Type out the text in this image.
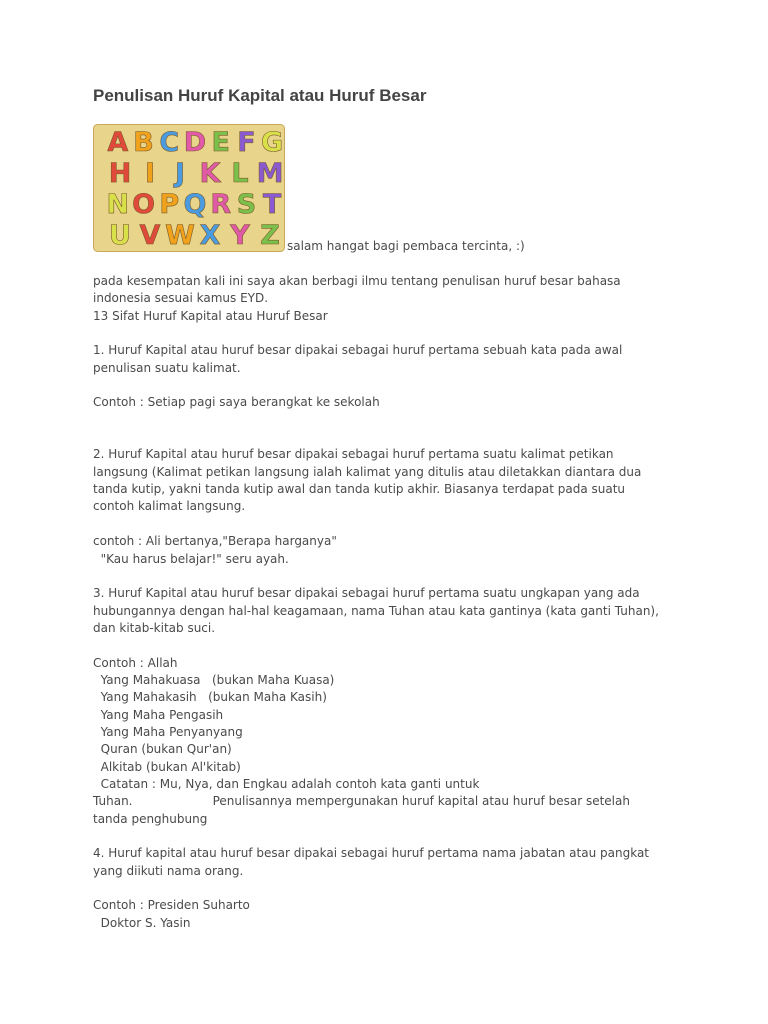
Penulisan Huruf Kapital atau Huruf Besar
A B C D E F G
H I J K L M
N O P Q R S T
U V W X Y Z salam hangat bagi pembaca tercinta, :)
pada kesempatan kali ini saya akan berbagi ilmu tentang penulisan huruf besar bahasa
indonesia sesuai kamus EYD.
13 Sifat Huruf Kapital atau Huruf Besar
1. Huruf Kapital atau huruf besar dipakai sebagai huruf pertama sebuah kata pada awal
penulisan suatu kalimat.
Contoh : Setiap pagi saya berangkat ke sekolah
2. Huruf Kapital atau huruf besar dipakai sebagai huruf pertama suatu kalimat petikan
langsung (Kalimat petikan langsung ialah kalimat yang ditulis atau diletakkan diantara dua
tanda kutip, yakni tanda kutip awal dan tanda kutip akhir. Biasanya terdapat pada suatu
contoh kalimat langsung.
contoh : Ali bertanya,"Berapa harganya"
"Kau harus belajar!" seru ayah.
3. Huruf Kapital atau huruf besar dipakai sebagai huruf pertama suatu ungkapan yang ada
hubungannya dengan hal-hal keagamaan, nama Tuhan atau kata gantinya (kata ganti Tuhan),
dan kitab-kitab suci.
Contoh : Allah
Yang Mahakuasa   (bukan Maha Kuasa)
Yang Mahakasih   (bukan Maha Kasih)
Yang Maha Pengasih
Yang Maha Penyanyang
Quran (bukan Qur'an)
Alkitab (bukan Al'kitab)
Catatan : Mu, Nya, dan Engkau adalah contoh kata ganti untuk
Tuhan.                     Penulisannya mempergunakan huruf kapital atau huruf besar setelah
tanda penghubung
4. Huruf kapital atau huruf besar dipakai sebagai huruf pertama nama jabatan atau pangkat
yang diikuti nama orang.
Contoh : Presiden Suharto
Doktor S. Yasin
